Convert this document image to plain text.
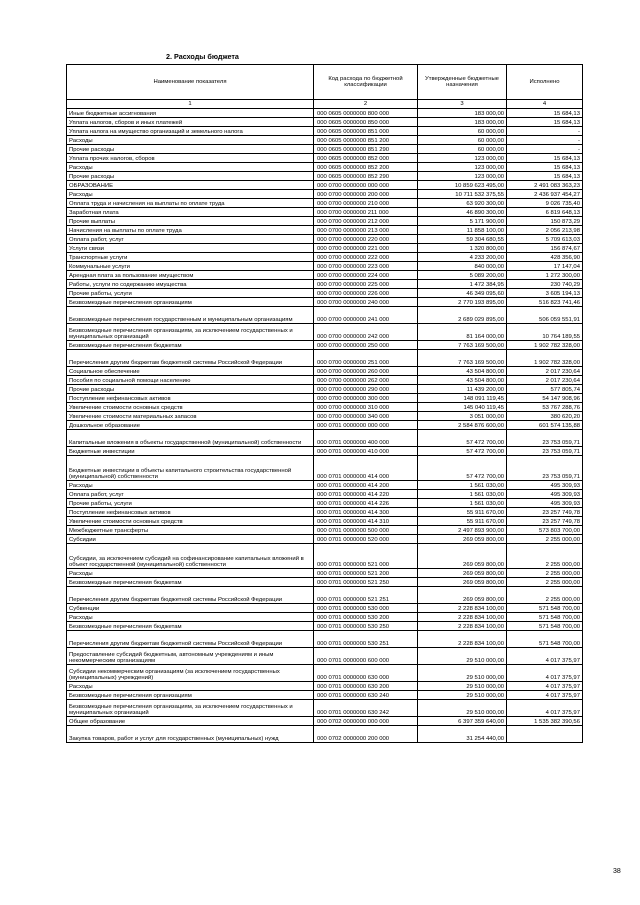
2. Расходы бюджета
Наименование показателя	Код расхода по бюджетной классификации	Утвержденные бюджетные назначения	Исполнено
1	2	3	4
Иные бюджетные ассигнования	000 0605 0000000 800 000	183 000,00	15 684,13
Уплата налогов, сборов и иных платежей	000 0605 0000000 850 000	183 000,00	15 684,13
Уплата налога на имущество организаций и земельного налога	000 0605 0000000 851 000	60 000,00	-
Расходы	000 0605 0000000 851 200	60 000,00	-
Прочие расходы	000 0605 0000000 851 290	60 000,00	-
Уплата прочих налогов, сборов	000 0605 0000000 852 000	123 000,00	15 684,13
Расходы	000 0605 0000000 852 200	123 000,00	15 684,13
Прочие расходы	000 0605 0000000 852 290	123 000,00	15 684,13
ОБРАЗОВАНИЕ	000 0700 0000000 000 000	10 859 623 495,00	2 491 083 363,23
Расходы	000 0700 0000000 200 000	10 711 532 375,55	2 436 937 454,27
Оплата труда и начисления на выплаты по оплате труда	000 0700 0000000 210 000	63 920 300,00	9 026 735,40
Заработная плата	000 0700 0000000 211 000	46 890 300,00	6 819 648,13
Прочие выплаты	000 0700 0000000 212 000	5 171 900,00	150 873,29
Начисления на выплаты по оплате труда	000 0700 0000000 213 000	11 858 100,00	2 056 213,98
Оплата работ, услуг	000 0700 0000000 220 000	59 304 680,55	5 709 613,03
Услуги связи	000 0700 0000000 221 000	1 320 800,00	156 874,67
Транспортные услуги	000 0700 0000000 222 000	4 233 200,00	428 356,90
Коммунальные услуги	000 0700 0000000 223 000	840 000,00	17 147,04
Арендная плата за пользование имуществом	000 0700 0000000 224 000	5 089 200,00	1 272 300,00
Работы, услуги по содержанию имущества	000 0700 0000000 225 000	1 472 384,95	230 740,29
Прочие работы, услуги	000 0700 0000000 226 000	46 349 095,60	3 605 194,13
Безвозмездные перечисления организациям	000 0700 0000000 240 000	2 770 193 895,00	516 823 741,46
Безвозмездные перечисления государственным и муниципальным организациям	000 0700 0000000 241 000	2 689 029 895,00	506 059 551,91
Безвозмездные перечисления организациям, за исключением государственных и муниципальных организаций	000 0700 0000000 242 000	81 164 000,00	10 764 189,55
Безвозмездные перечисления бюджетам	000 0700 0000000 250 000	7 763 169 500,00	1 902 782 328,00
Перечисления другим бюджетам бюджетной системы Российской Федерации	000 0700 0000000 251 000	7 763 169 500,00	1 902 782 328,00
Социальное обеспечение	000 0700 0000000 260 000	43 504 800,00	2 017 230,64
Пособия по социальной помощи населению	000 0700 0000000 262 000	43 504 800,00	2 017 230,64
Прочие расходы	000 0700 0000000 290 000	11 439 200,00	577 805,74
Поступление нефинансовых активов	000 0700 0000000 300 000	148 091 119,45	54 147 908,96
Увеличение стоимости основных средств	000 0700 0000000 310 000	145 040 119,45	53 767 288,76
Увеличение стоимости материальных запасов	000 0700 0000000 340 000	3 051 000,00	380 620,20
Дошкольное образование	000 0701 0000000 000 000	2 584 876 600,00	601 574 135,88
Капитальные вложения в объекты государственной (муниципальной) собственности	000 0701 0000000 400 000	57 472 700,00	23 753 059,71
Бюджетные инвестиции	000 0701 0000000 410 000	57 472 700,00	23 753 059,71
Бюджетные инвестиции в объекты капитального строительства государственной (муниципальной) собственности	000 0701 0000000 414 000	57 472 700,00	23 753 059,71
Расходы	000 0701 0000000 414 200	1 561 030,00	495 309,93
Оплата работ, услуг	000 0701 0000000 414 220	1 561 030,00	495 309,93
Прочие работы, услуги	000 0701 0000000 414 226	1 561 030,00	495 309,93
Поступление нефинансовых активов	000 0701 0000000 414 300	55 911 670,00	23 257 749,78
Увеличение стоимости основных средств	000 0701 0000000 414 310	55 911 670,00	23 257 749,78
Межбюджетные трансферты	000 0701 0000000 500 000	2 497 893 900,00	573 803 700,00
Субсидии	000 0701 0000000 520 000	269 059 800,00	2 255 000,00
Субсидии, за исключением субсидий на софинансирование капитальных вложений в объект государственной (муниципальной) собственности	000 0701 0000000 521 000	269 059 800,00	2 255 000,00
Расходы	000 0701 0000000 521 200	269 059 800,00	2 255 000,00
Безвозмездные перечисления бюджетам	000 0701 0000000 521 250	269 059 800,00	2 255 000,00
Перечисления другим бюджетам бюджетной системы Российской Федерации	000 0701 0000000 521 251	269 059 800,00	2 255 000,00
Субвенции	000 0701 0000000 530 000	2 228 834 100,00	571 548 700,00
Расходы	000 0701 0000000 530 200	2 228 834 100,00	571 548 700,00
Безвозмездные перечисления бюджетам	000 0701 0000000 530 250	2 228 834 100,00	571 548 700,00
Перечисления другим бюджетам бюджетной системы Российской Федерации	000 0701 0000000 530 251	2 228 834 100,00	571 548 700,00
Предоставление субсидий бюджетным, автономным учреждениям и иным некоммерческим организациям	000 0701 0000000 600 000	29 510 000,00	4 017 375,97
Субсидии некоммерческим организациям (за исключением государственных (муниципальных) учреждений)	000 0701 0000000 630 000	29 510 000,00	4 017 375,97
Расходы	000 0701 0000000 630 200	29 510 000,00	4 017 375,97
Безвозмездные перечисления организациям	000 0701 0000000 630 240	29 510 000,00	4 017 375,97
Безвозмездные перечисления организациям, за исключением государственных и муниципальных организаций	000 0701 0000000 630 242	29 510 000,00	4 017 375,97
Общее образование	000 0702 0000000 000 000	6 397 359 640,00	1 535 382 390,56
Закупка товаров, работ и услуг для государственных (муниципальных) нужд	000 0702 0000000 200 000	31 254 440,00	
38
